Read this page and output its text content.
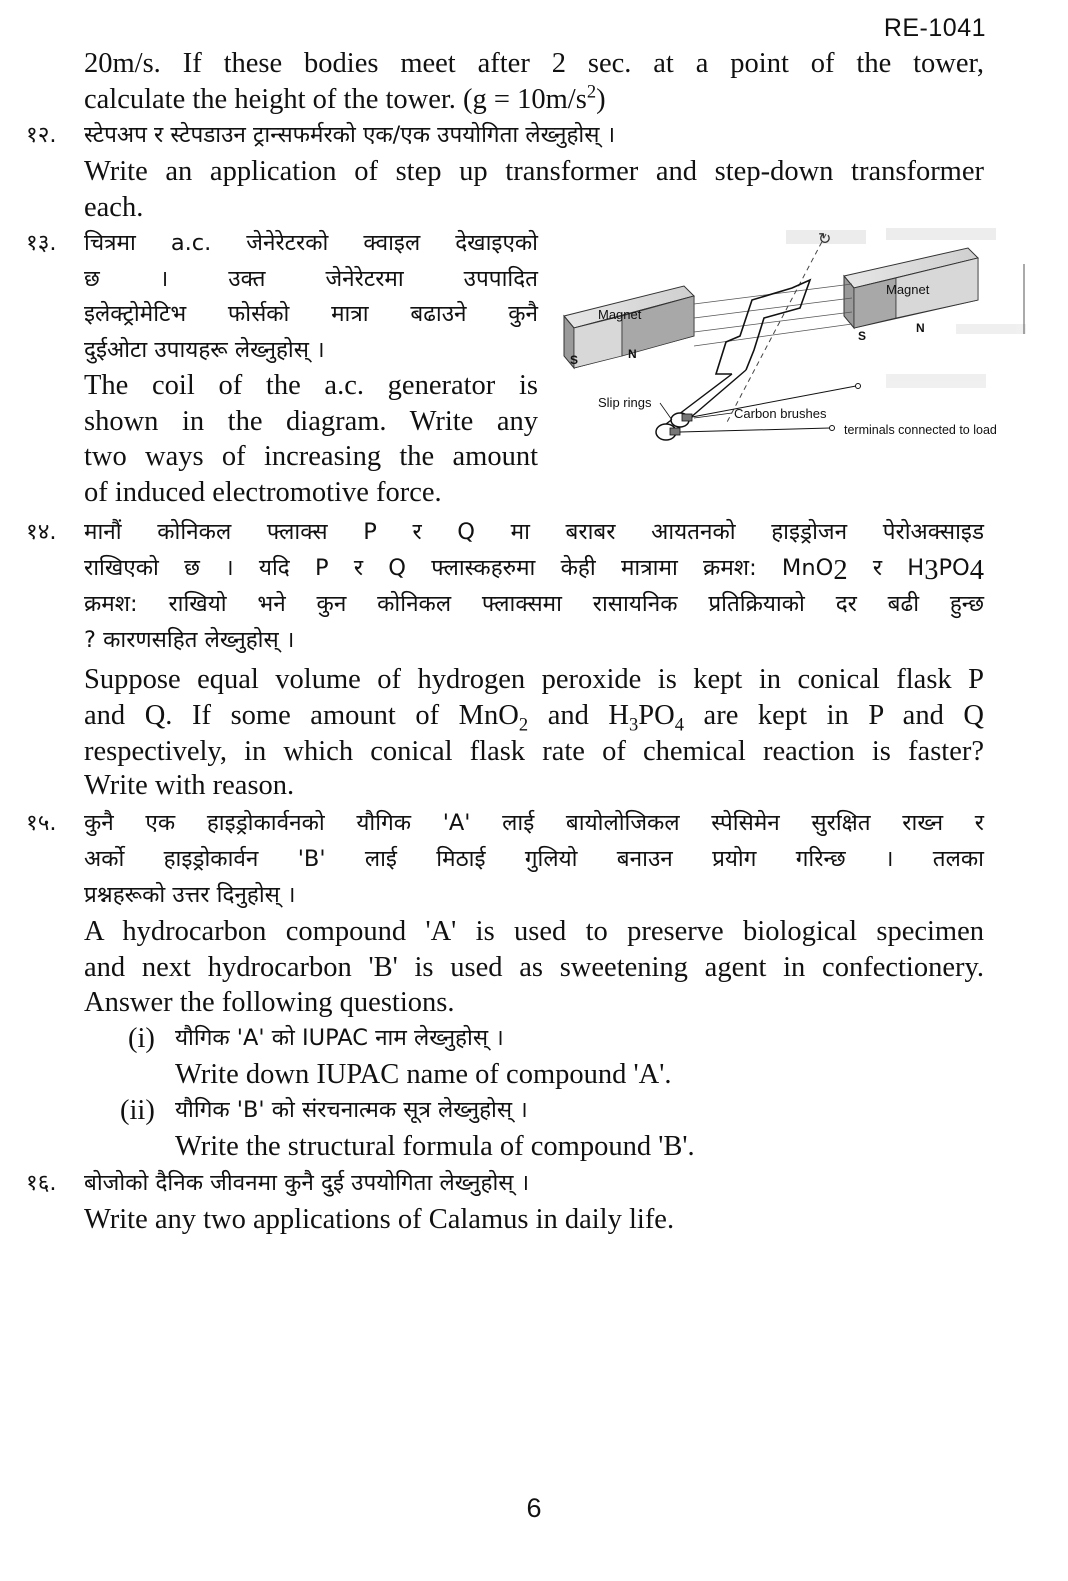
RE-1041
20m/s. If these bodies meet after 2 sec. at a point of the tower,
calculate the height of the tower. $(g = 10m/s^2)$
१२. स्टेपअप र स्टेपडाउन ट्रान्सफर्मरको एक/एक उपयोगिता लेख्नुहोस् ।
Write an application of step up transformer and step-down transformer
each.
१३. चित्रमा a.c. जेनेरेटरको क्वाइल देखाइएको
छ । उक्त जेनेरेटरमा उपपादित
इलेक्ट्रोमेटिभ फोर्सको मात्रा बढाउने कुनै
दुईओटा उपायहरू लेख्नुहोस् ।
The coil of the a.c. generator is
shown in the diagram. Write any
two ways of increasing the amount
of induced electromotive force.
Magnet
S	N
Magnet
S
N
↻
Slip rings
Carbon brushes
terminals connected to load
१४. मानौं कोनिकल फ्लाक्स P र Q मा बराबर आयतनको हाइड्रोजन पेरोअक्साइड
राखिएको छ । यदि P र Q फ्लास्कहरुमा केही मात्रामा क्रमश: MnO$_2$ र $H_3PO_4$
क्रमश: राखियो भने कुन कोनिकल फ्लाक्समा रासायनिक प्रतिक्रियाको दर बढी हुन्छ
? कारणसहित लेख्नुहोस् ।
Suppose equal volume of hydrogen peroxide is kept in conical flask P
and Q. If some amount of MnO$_2$ and $H_3PO_4$ are kept in P and Q
respectively, in which conical flask rate of chemical reaction is faster?
Write with reason.
१५. कुनै एक हाइड्रोकार्वनको यौगिक 'A' लाई बायोलोजिकल स्पेसिमेन सुरक्षित राख्न र
अर्को हाइड्रोकार्वन 'B' लाई मिठाई गुलियो बनाउन प्रयोग गरिन्छ । तलका
प्रश्नहरूको उत्तर दिनुहोस् ।
A hydrocarbon compound 'A' is used to preserve biological specimen
and next hydrocarbon 'B' is used as sweetening agent in confectionery.
Answer the following questions.
(i) यौगिक 'A' को IUPAC नाम लेख्नुहोस् ।
Write down IUPAC name of compound 'A'.
(ii) यौगिक 'B' को संरचनात्मक सूत्र लेख्नुहोस् ।
Write the structural formula of compound 'B'.
१६. बोजोको दैनिक जीवनमा कुनै दुई उपयोगिता लेख्नुहोस् ।
Write any two applications of Calamus in daily life.
6
